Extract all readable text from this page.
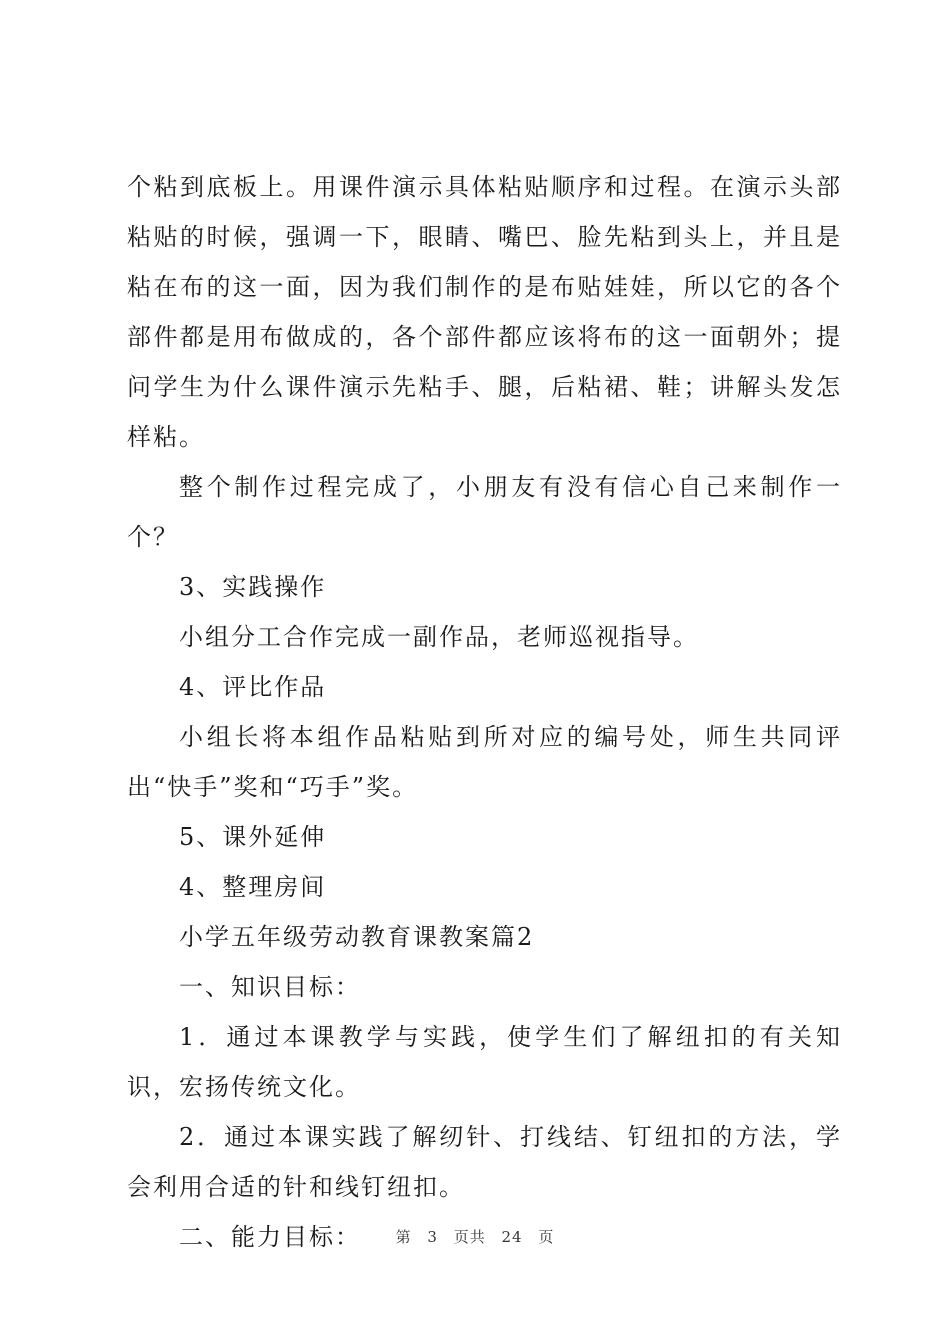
个粘到底板上。用课件演示具体粘贴顺序和过程。在演示头部粘贴的时候，强调一下，眼睛、嘴巴、脸先粘到头上，并且是粘在布的这一面，因为我们制作的是布贴娃娃，所以它的各个部件都是用布做成的，各个部件都应该将布的这一面朝外；提问学生为什么课件演示先粘手、腿，后粘裙、鞋；讲解头发怎样粘。

整个制作过程完成了，小朋友有没有信心自己来制作一个？

3、实践操作

小组分工合作完成一副作品，老师巡视指导。

4、评比作品

小组长将本组作品粘贴到所对应的编号处，师生共同评出“快手”奖和“巧手”奖。

5、课外延伸

4、整理房间

小学五年级劳动教育课教案篇2

一、知识目标：

1．通过本课教学与实践，使学生们了解纽扣的有关知识，宏扬传统文化。

2．通过本课实践了解纫针、打线结、钉纽扣的方法，学会利用合适的针和线钉纽扣。

二、能力目标：	第 3 页共 24 页
